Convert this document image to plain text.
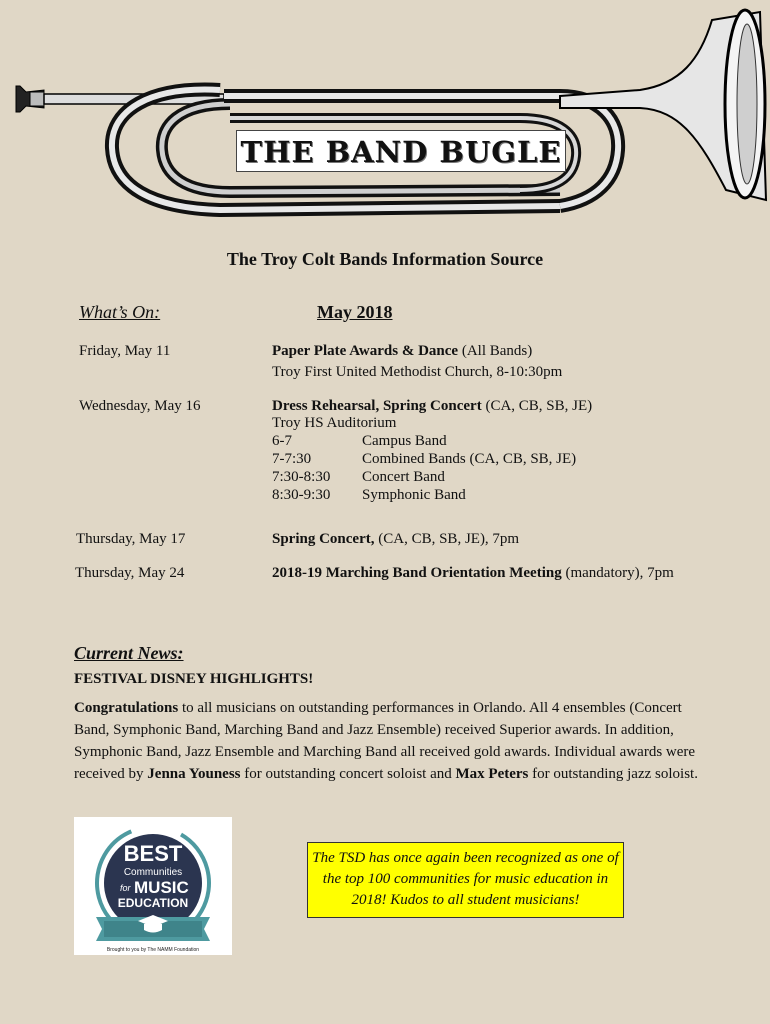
THE BAND BUGLE
The Troy Colt Bands Information Source
What’s On:	May 2018
Friday, May 11	Paper Plate Awards & Dance (All Bands)
Troy First United Methodist Church, 8-10:30pm
Wednesday, May 16	Dress Rehearsal, Spring Concert (CA, CB, SB, JE)
Troy HS Auditorium
6-7	Campus Band
7-7:30	Combined Bands (CA, CB, SB, JE)
7:30-8:30 Concert Band
8:30-9:30 Symphonic Band
Thursday, May 17	Spring Concert, (CA, CB, SB, JE), 7pm
Thursday, May 24	2018-19 Marching Band Orientation Meeting (mandatory), 7pm
Current News:
FESTIVAL DISNEY HIGHLIGHTS!
Congratulations to all musicians on outstanding performances in Orlando. All 4 ensembles (Concert Band, Symphonic Band, Marching Band and Jazz Ensemble) received Superior awards. In addition, Symphonic Band, Jazz Ensemble and Marching Band all received gold awards. Individual awards were received by Jenna Youness for outstanding concert soloist and Max Peters for outstanding jazz soloist.
BEST
Communities
for MUSIC
EDUCATION
Brought to you by The NAMM Foundation
The TSD has once again been recognized as one of the top 100 communities for music education in 2018! Kudos to all student musicians!
